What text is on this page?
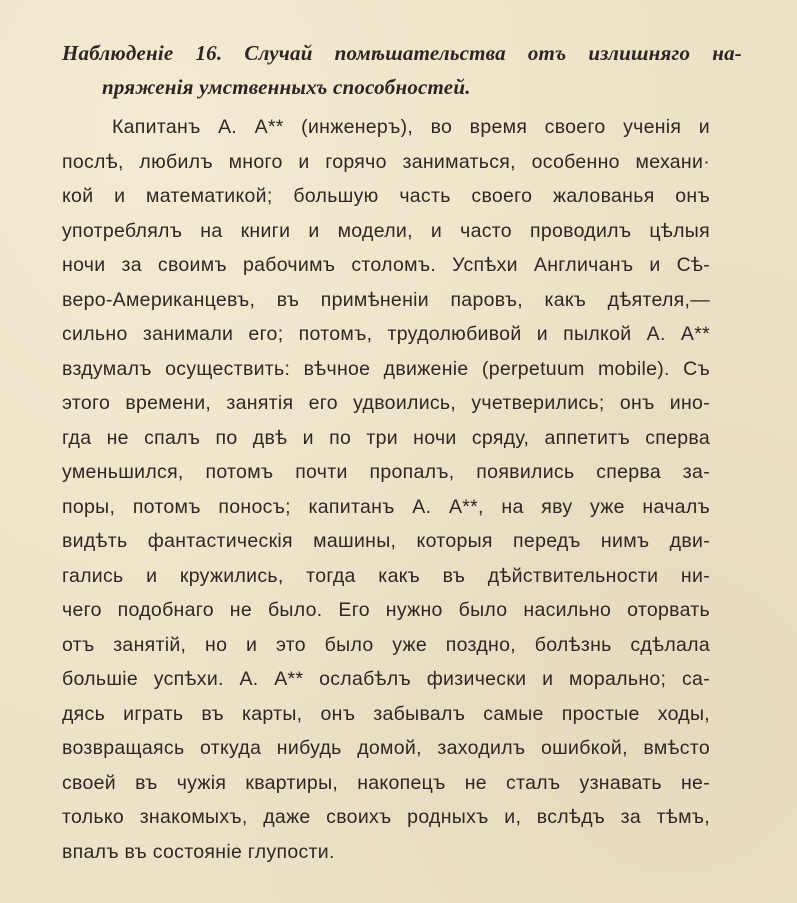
Наблюденіе 16. Случай помѣшательства отъ излишняго на-
пряженія умственныхъ способностей.
Капитанъ А. А** (инженеръ), во время своего ученія и
послѣ, любилъ много и горячо заниматься, особенно механи·
кой и математикой; большую часть своего жалованья онъ
употреблялъ на книги и модели, и часто проводилъ цѣлыя
ночи за своимъ рабочимъ столомъ. Успѣхи Англичанъ и Сѣ-
веро-Американцевъ, въ примѣненіи паровъ, какъ дѣятеля,—
сильно занимали его; потомъ, трудолюбивой и пылкой А. А**
вздумалъ осуществить: вѣчное движеніе (perpetuum mobile). Съ
этого времени, занятія его удвоились, учетверились; онъ ино-
гда не спалъ по двѣ и по три ночи сряду, аппетитъ сперва
уменьшился, потомъ почти пропалъ, появились сперва за-
поры, потомъ поносъ; капитанъ А. А**, на яву уже началъ
видѣть фантастическія машины, которыя передъ нимъ дви-
гались и кружились, тогда какъ въ дѣйствительности ни-
чего подобнаго не было. Его нужно было насильно оторвать
отъ занятій, но и это было уже поздно, болѣзнь сдѣлала
большіе успѣхи. А. А** ослабѣлъ физически и морально; са-
дясь играть въ карты, онъ забывалъ самые простые ходы,
возвращаясь откуда нибудь домой, заходилъ ошибкой, вмѣсто
своей въ чужія квартиры, накопецъ не сталъ узнавать не-
только знакомыхъ, даже своихъ родныхъ и, вслѣдъ за тѣмъ,
впалъ въ состояніе глупости.
